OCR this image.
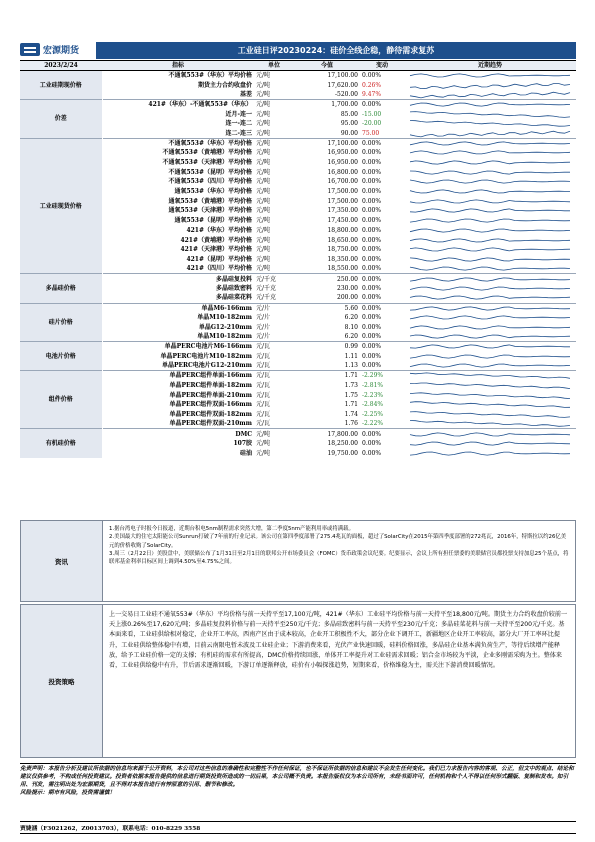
宏源期货	工业硅日评20230224：硅价全线企稳，静待需求复苏
2023/2/24	指标	单位	今值	变动	近期趋势
工业硅期现价格	不通氧553#（华东）平均价格	元/吨	17,100.00	0.00%	

	期货主力合约收盘价	元/吨	17,620.00	0.26%	

	基差	元/吨	-520.00	9.47%	

价差	421#（华东）-不通氧553#（华东）	元/吨	1,700.00	0.00%	

	近月-连一	元/吨	85.00	-15.00	

	连一-连二	元/吨	95.00	-20.00	

	连二-连三	元/吨	90.00	75.00	

工业硅现货价格	不通氧553#（华东）平均价格	元/吨	17,100.00	0.00%	

	不通氧553#（黄埔港）平均价格	元/吨	16,950.00	0.00%	

	不通氧553#（天津港）平均价格	元/吨	16,950.00	0.00%	

	不通氧553#（昆明）平均价格	元/吨	16,800.00	0.00%	

	不通氧553#（四川）平均价格	元/吨	16,700.00	0.00%	

	通氧553#（华东）平均价格	元/吨	17,500.00	0.00%	

	通氧553#（黄埔港）平均价格	元/吨	17,500.00	0.00%	

	通氧553#（天津港）平均价格	元/吨	17,350.00	0.00%	

	通氧553#（昆明）平均价格	元/吨	17,450.00	0.00%	

	421#（华东）平均价格	元/吨	18,800.00	0.00%	

	421#（黄埔港）平均价格	元/吨	18,650.00	0.00%	

	421#（天津港）平均价格	元/吨	18,750.00	0.00%	

	421#（昆明）平均价格	元/吨	18,350.00	0.00%	

	421#（四川）平均价格	元/吨	18,550.00	0.00%	

多晶硅价格	多晶硅复投料	元/千克	250.00	0.00%	

	多晶硅致密料	元/千克	230.00	0.00%	

	多晶硅菜花料	元/千克	200.00	0.00%	

硅片价格	单晶M6-166mm	元/片	5.60	0.00%	

	单晶M10-182mm	元/片	6.20	0.00%	

	单晶G12-210mm	元/片	8.10	0.00%	

	单晶M10-182mm	元/片	6.20	0.00%	

电池片价格	单晶PERC电池片M6-166mm	元/瓦	0.99	0.00%	

	单晶PERC电池片M10-182mm	元/瓦	1.11	0.00%	

	单晶PERC电池片G12-210mm	元/瓦	1.13	0.00%	

组件价格	单晶PERC组件单面-166mm	元/瓦	1.71	-2.29%	

	单晶PERC组件单面-182mm	元/瓦	1.73	-2.81%	

	单晶PERC组件单面-210mm	元/瓦	1.75	-2.23%	

	单晶PERC组件双面-166mm	元/瓦	1.71	-2.84%	

	单晶PERC组件双面-182mm	元/瓦	1.74	-2.25%	

	单晶PERC组件双面-210mm	元/瓦	1.76	-2.22%	

有机硅价格	DMC	元/吨	17,800.00	0.00%	

	107胶	元/吨	18,250.00	0.00%	

	硅油	元/吨	19,750.00	0.00%	
资讯

1.据台湾电子时报今日报道，近期台积电5nm制程需求突然大增，第二季度5nm产能利用率或将满载。

2.美国最大的住宅太阳能公司Sunrun打破了7年前的行业记录。该公司在第四季度部署了275.4兆瓦的面板，超过了SolarCity在2015年第四季度部署的272兆瓦，2016年，特斯拉以约26亿美元的价格收购了SolarCity。

3.周三（2月22日）美股盘中，美联储公布了1月31日至2月1日的联邦公开市场委员会（FOMC）货币政策会议纪要。纪要显示，会议上所有担任票委的美联储官员都投票支持加息25个基点，将联邦基金利率目标区间上调到4.50%至4.75%之间。

投资策略

上一交易日工业硅不通氧553#（华东）平均价格与前一天持平至17,100元/吨，421#（华东）工业硅平均价格与前一天持平至18,800元/吨。期货主力合约收盘价较前一天上涨0.26%至17,620元/吨；多晶硅复投料价格与前一天持平至250元/千克；多晶硅致密料与前一天持平至230元/千克；多晶硅菜花料与前一天持平至200元/千克。基本面来看，工业硅供给相对稳定，企业开工率高，西南产区由于成本较高，企业开工积极性不大，部分企业下调开工，新疆地区企业开工率较高，部分大厂开工率环比提升，工业硅供给整体稳中有增，目前云南限电暂未波及工业硅企业；下游消费来看，光伏产业快速回暖，硅料价格回涨，多晶硅企业基本满负荷生产，等待后续增产能释放，给予工业硅价格一定的支撑；有机硅的需求有所提高，DMC价格持续回涨，单体开工率提升对工业硅需求回暖；铝合金市场较为平淡，企业多刚需采购为主。整体来看，工业硅供给稳中有升，节后需求逐渐回暖，下游订单逐渐释放，硅价有小幅探涨趋势，短期来看，价格维稳为主，需关注下游消费回暖情况。

免责声明：本报告分析及建议所依据的信息均来源于公开资料，本公司对这些信息的准确性和完整性不作任何保证，也不保证所依据的信息和建议不会发生任何变化。我们已力求报告内容的客观、公正，但文中的观点、结论和建议仅供参考，不构成任何投资建议。投资者依据本报告提供的信息进行期货投资所造成的一切后果，本公司概不负责。本报告版权仅为本公司所有，未经书面许可，任何机构和个人不得以任何形式翻版、复制和发布。如引用、刊发，需注明出处为宏源期货，且不得对本报告进行有悖原意的引用、删节和修改。

风险提示：期市有风险，投资需谨慎！

贾婕涵（F3021262，Z0013703），联系电话：010-8229 3558
